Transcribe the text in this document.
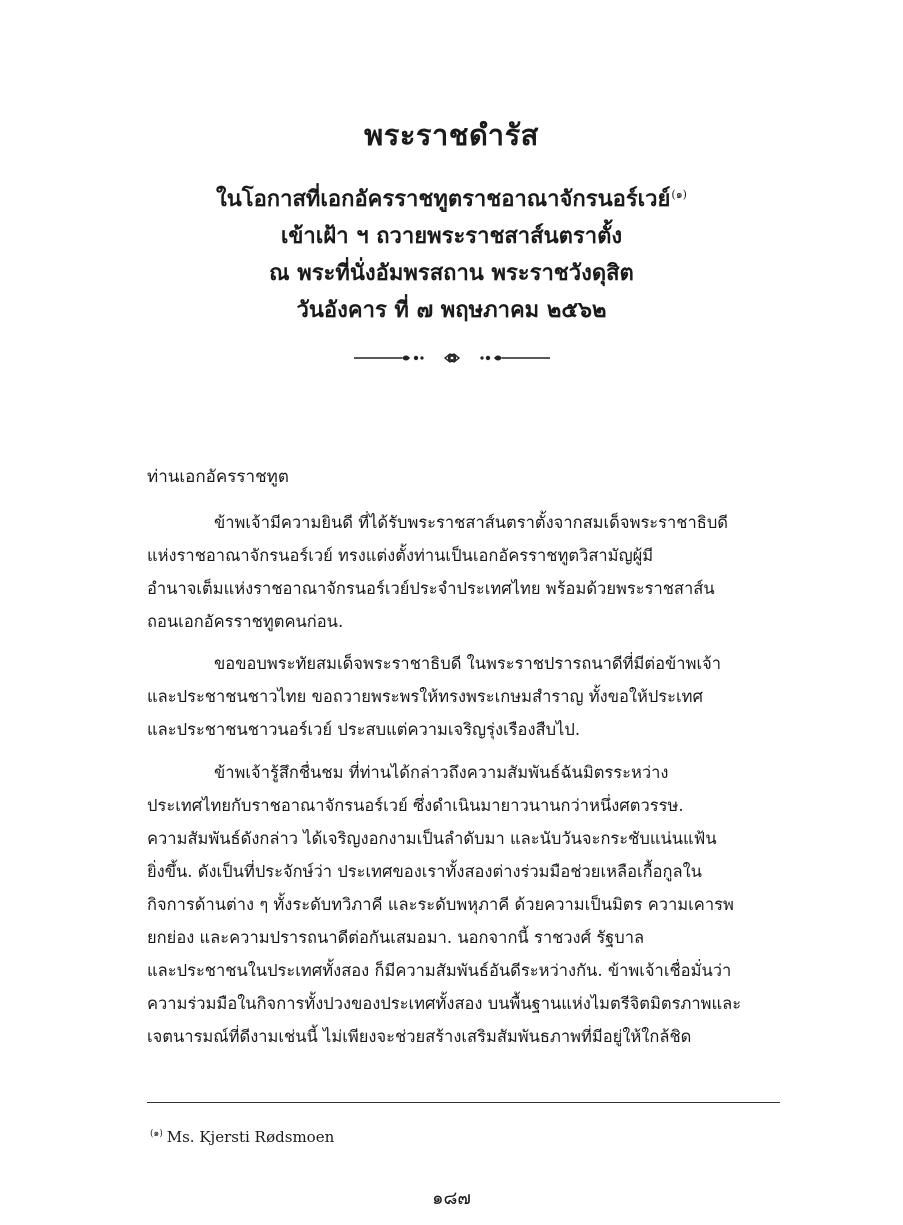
พระราชดำรัส
ในโอกาสที่เอกอัครราชทูตราชอาณาจักรนอร์เวย์$^{(๑)}$
เข้าเฝ้า ฯ ถวายพระราชสาส์นตราตั้ง
ณ พระที่นั่งอัมพรสถาน พระราชวังดุสิต
วันอังคาร ที่ ๗ พฤษภาคม ๒๕๖๒
ท่านเอกอัครราชทูต
ข้าพเจ้ามีความยินดี ที่ได้รับพระราชสาส์นตราตั้งจากสมเด็จพระราชาธิบดี
แห่งราชอาณาจักรนอร์เวย์ ทรงแต่งตั้งท่านเป็นเอกอัครราชทูตวิสามัญผู้มี
อำนาจเต็มแห่งราชอาณาจักรนอร์เวย์ประจำประเทศไทย พร้อมด้วยพระราชสาส์น
ถอนเอกอัครราชทูตคนก่อน.
ขอขอบพระทัยสมเด็จพระราชาธิบดี ในพระราชปรารถนาดีที่มีต่อข้าพเจ้า
และประชาชนชาวไทย ขอถวายพระพรให้ทรงพระเกษมสำราญ ทั้งขอให้ประเทศ
และประชาชนชาวนอร์เวย์ ประสบแต่ความเจริญรุ่งเรืองสืบไป.
ข้าพเจ้ารู้สึกชื่นชม ที่ท่านได้กล่าวถึงความสัมพันธ์ฉันมิตรระหว่าง
ประเทศไทยกับราชอาณาจักรนอร์เวย์ ซึ่งดำเนินมายาวนานกว่าหนึ่งศตวรรษ.
ความสัมพันธ์ดังกล่าว ได้เจริญงอกงามเป็นลำดับมา และนับวันจะกระชับแน่นแฟ้น
ยิ่งขึ้น. ดังเป็นที่ประจักษ์ว่า ประเทศของเราทั้งสองต่างร่วมมือช่วยเหลือเกื้อกูลใน
กิจการด้านต่าง ๆ ทั้งระดับทวิภาคี และระดับพหุภาคี ด้วยความเป็นมิตร ความเคารพ
ยกย่อง และความปรารถนาดีต่อกันเสมอมา. นอกจากนี้ ราชวงศ์ รัฐบาล
และประชาชนในประเทศทั้งสอง ก็มีความสัมพันธ์อันดีระหว่างกัน. ข้าพเจ้าเชื่อมั่นว่า
ความร่วมมือในกิจการทั้งปวงของประเทศทั้งสอง บนพื้นฐานแห่งไมตรีจิตมิตรภาพและ
เจตนารมณ์ที่ดีงามเช่นนี้ ไม่เพียงจะช่วยสร้างเสริมสัมพันธภาพที่มีอยู่ให้ใกล้ชิด
$^{(๑)}$ Ms. Kjersti Rødsmoen
๑๘๗
